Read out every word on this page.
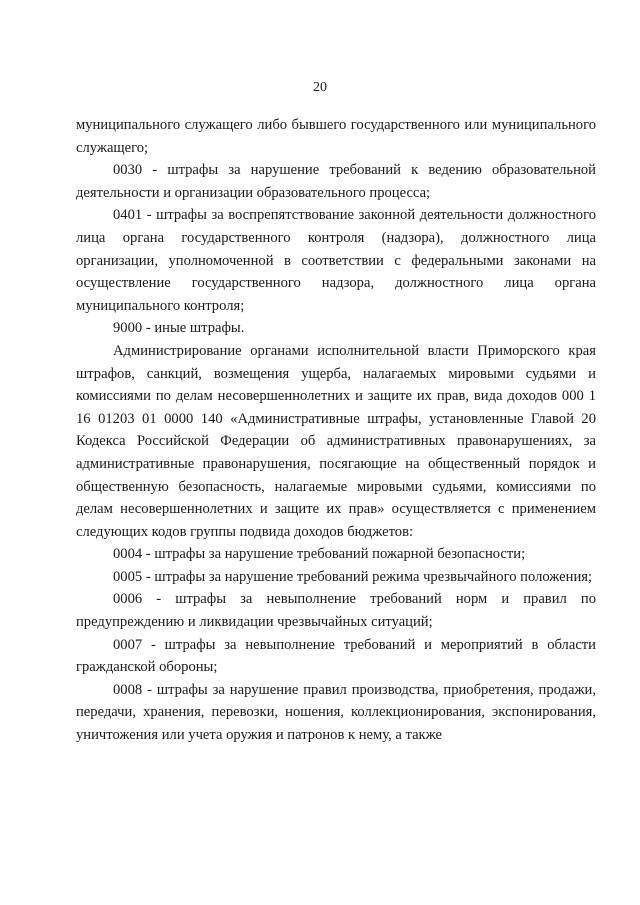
20

муниципального служащего либо бывшего государственного или муниципального служащего;

0030 - штрафы за нарушение требований к ведению образовательной деятельности и организации образовательного процесса;

0401 - штрафы за воспрепятствование законной деятельности должностного лица органа государственного контроля (надзора), должностного лица организации, уполномоченной в соответствии с федеральными законами на осуществление государственного надзора, должностного лица органа муниципального контроля;

9000 - иные штрафы.

Администрирование органами исполнительной власти Приморского края штрафов, санкций, возмещения ущерба, налагаемых мировыми судьями и комиссиями по делам несовершеннолетних и защите их прав, вида доходов 000 1 16 01203 01 0000 140 «Административные штрафы, установленные Главой 20 Кодекса Российской Федерации об административных правонарушениях, за административные правонарушения, посягающие на общественный порядок и общественную безопасность, налагаемые мировыми судьями, комиссиями по делам несовершеннолетних и защите их прав» осуществляется с применением следующих кодов группы подвида доходов бюджетов:

0004 - штрафы за нарушение требований пожарной безопасности;

0005 - штрафы за нарушение требований режима чрезвычайного положения;

0006 - штрафы за невыполнение требований норм и правил по предупреждению и ликвидации чрезвычайных ситуаций;

0007 - штрафы за невыполнение требований и мероприятий в области гражданской обороны;

0008 - штрафы за нарушение правил производства, приобретения, продажи, передачи, хранения, перевозки, ношения, коллекционирования, экспонирования, уничтожения или учета оружия и патронов к нему, а также
